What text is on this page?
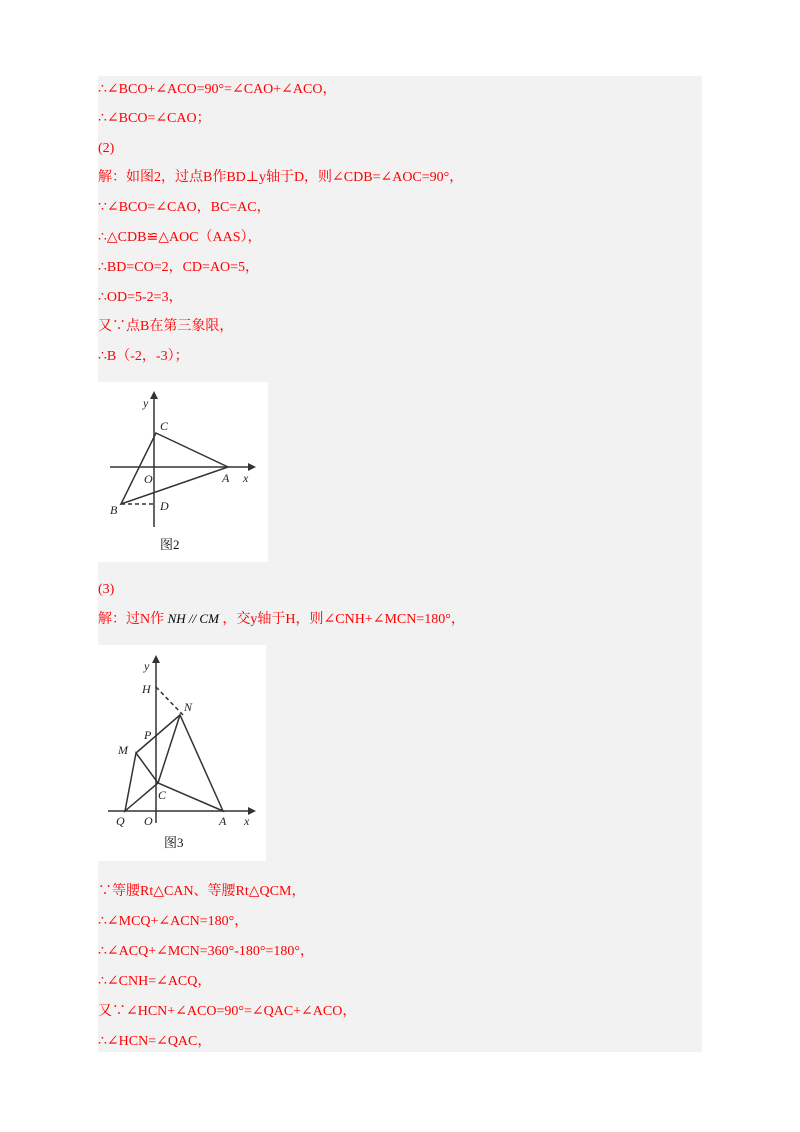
∴∠BCO+∠ACO=90°=∠CAO+∠ACO，
∴∠BCO=∠CAO；
(2)
解：如图2，过点B作BD⊥y轴于D，则∠CDB=∠AOC=90°，
∵∠BCO=∠CAO，BC=AC，
∴△CDB≌△AOC（AAS），
∴BD=CO=2，CD=AO=5，
∴OD=5-2=3，
又∵点B在第三象限，
∴B（-2，-3）；
y
x
C
O	A
B	D
图2
(3)
解：过N作 NH // CM ，交y轴于H，则∠CNH+∠MCN=180°，
y
x
H
N
P
M
C
Q O	A
图3
∵等腰Rt△CAN、等腰Rt△QCM，
∴∠MCQ+∠ACN=180°，
∴∠ACQ+∠MCN=360°-180°=180°，
∴∠CNH=∠ACQ，
又∵∠HCN+∠ACO=90°=∠QAC+∠ACO，
∴∠HCN=∠QAC，
